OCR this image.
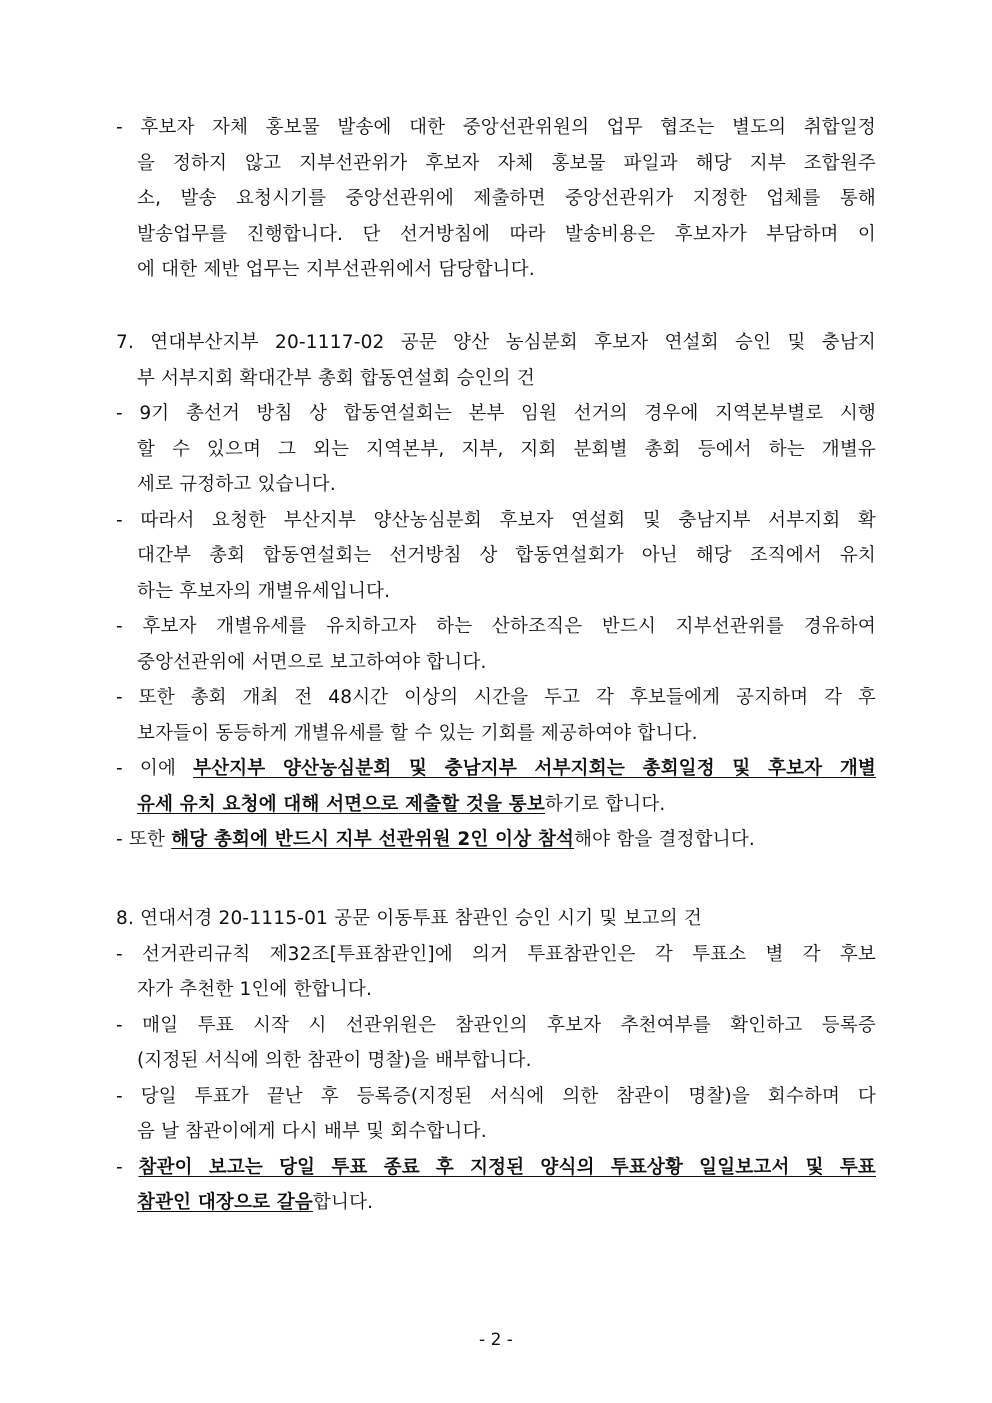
- 후보자 자체 홍보물 발송에 대한 중앙선관위원의 업무 협조는 별도의 취합일정
을 정하지 않고 지부선관위가 후보자 자체 홍보물 파일과 해당 지부 조합원주
소, 발송 요청시기를 중앙선관위에 제출하면 중앙선관위가 지정한 업체를 통해
발송업무를 진행합니다. 단 선거방침에 따라 발송비용은 후보자가 부담하며 이
에 대한 제반 업무는 지부선관위에서 담당합니다.
7. 연대부산지부 20-1117-02 공문 양산 농심분회 후보자 연설회 승인 및 충남지
부 서부지회 확대간부 총회 합동연설회 승인의 건
- 9기 총선거 방침 상 합동연설회는 본부 임원 선거의 경우에 지역본부별로 시행
할 수 있으며 그 외는 지역본부, 지부, 지회 분회별 총회 등에서 하는 개별유
세로 규정하고 있습니다.
- 따라서 요청한 부산지부 양산농심분회 후보자 연설회 및 충남지부 서부지회 확
대간부 총회 합동연설회는 선거방침 상 합동연설회가 아닌 해당 조직에서 유치
하는 후보자의 개별유세입니다.
- 후보자 개별유세를 유치하고자 하는 산하조직은 반드시 지부선관위를 경유하여
중앙선관위에 서면으로 보고하여야 합니다.
- 또한 총회 개최 전 48시간 이상의 시간을 두고 각 후보들에게 공지하며 각 후
보자들이 동등하게 개별유세를 할 수 있는 기회를 제공하여야 합니다.
- 이에 부산지부 양산농심분회 및 충남지부 서부지회는 총회일정 및 후보자 개별
유세 유치 요청에 대해 서면으로 제출할 것을 통보하기로 합니다.
- 또한 해당 총회에 반드시 지부 선관위원 2인 이상 참석해야 함을 결정합니다.
8. 연대서경 20-1115-01 공문 이동투표 참관인 승인 시기 및 보고의 건
- 선거관리규칙 제32조[투표참관인]에 의거 투표참관인은 각 투표소 별 각 후보
자가 추천한 1인에 한합니다.
- 매일 투표 시작 시 선관위원은 참관인의 후보자 추천여부를 확인하고 등록증
(지정된 서식에 의한 참관이 명찰)을 배부합니다.
- 당일 투표가 끝난 후 등록증(지정된 서식에 의한 참관이 명찰)을 회수하며 다
음 날 참관이에게 다시 배부 및 회수합니다.
- 참관이 보고는 당일 투표 종료 후 지정된 양식의 투표상황 일일보고서 및 투표
참관인 대장으로 갈음합니다.
- 2 -
